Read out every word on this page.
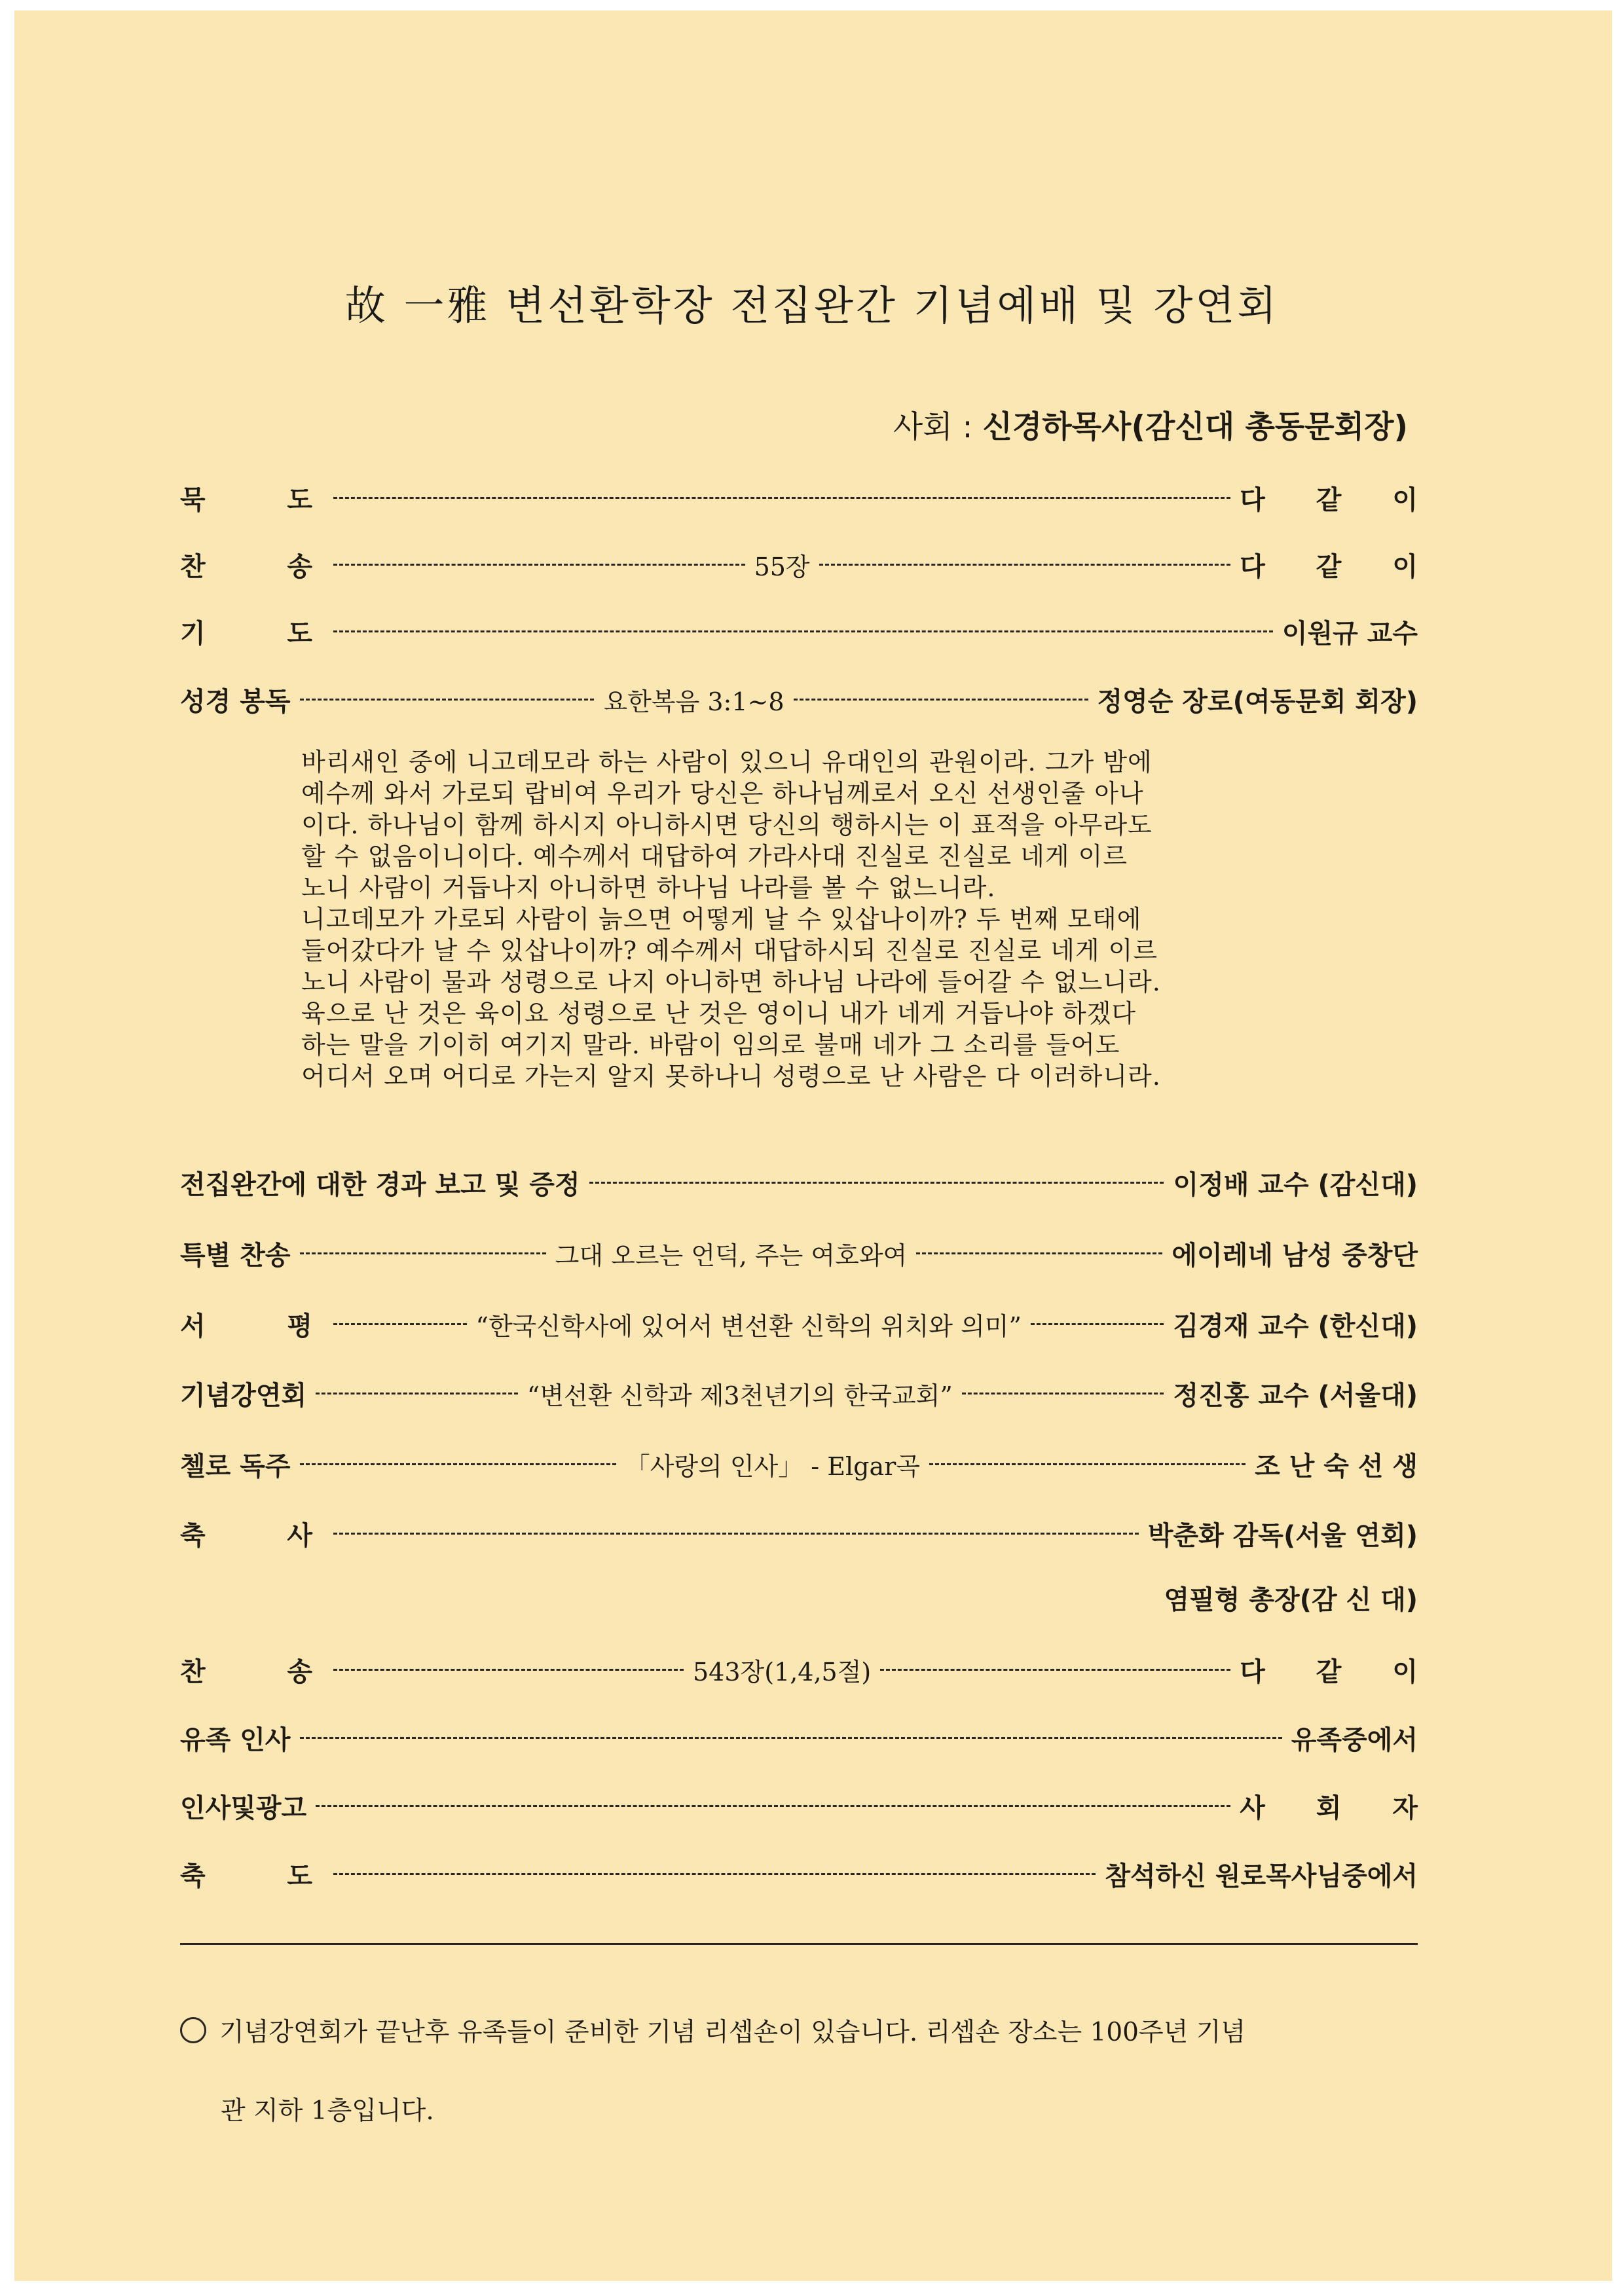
故 一雅 변선환학장 전집완간 기념예배 및 강연회
사회 : 신경하목사(감신대 총동문회장)
묵	도	다 같 이
찬	송	55장	다 같 이
기	도	이원규 교수
성경 봉독	요한복음 3:1~8	정영순 장로(여동문회 회장)
바리새인 중에 니고데모라 하는 사람이 있으니 유대인의 관원이라. 그가 밤에
예수께 와서 가로되 랍비여 우리가 당신은 하나님께로서 오신 선생인줄 아나
이다. 하나님이 함께 하시지 아니하시면 당신의 행하시는 이 표적을 아무라도
할 수 없음이니이다. 예수께서 대답하여 가라사대 진실로 진실로 네게 이르
노니 사람이 거듭나지 아니하면 하나님 나라를 볼 수 없느니라.
니고데모가 가로되 사람이 늙으면 어떻게 날 수 있삽나이까? 두 번째 모태에
들어갔다가 날 수 있삽나이까? 예수께서 대답하시되 진실로 진실로 네게 이르
노니 사람이 물과 성령으로 나지 아니하면 하나님 나라에 들어갈 수 없느니라.
육으로 난 것은 육이요 성령으로 난 것은 영이니 내가 네게 거듭나야 하겠다
하는 말을 기이히 여기지 말라. 바람이 임의로 불매 네가 그 소리를 들어도
어디서 오며 어디로 가는지 알지 못하나니 성령으로 난 사람은 다 이러하니라.
전집완간에 대한 경과 보고 및 증정	이정배 교수 (감신대)
특별 찬송	그대 오르는 언덕, 주는 여호와여	에이레네 남성 중창단
서	평	“한국신학사에 있어서 변선환 신학의 위치와 의미”	김경재 교수 (한신대)
기념강연회	“변선환 신학과 제3천년기의 한국교회”	정진홍 교수 (서울대)
첼로 독주	「사랑의 인사」 - Elgar곡	조 난 숙 선 생
축	사	박춘화 감독(서울 연회)
염필형 총장(감 신 대)
찬	송	543장(1,4,5절)	다 같 이
유족 인사	유족중에서
인사및광고	사 회 자
축	도	참석하신 원로목사님중에서
기념강연회가 끝난후 유족들이 준비한 기념 리셉숀이 있습니다. 리셉숀 장소는 100주년 기념
관 지하 1층입니다.
